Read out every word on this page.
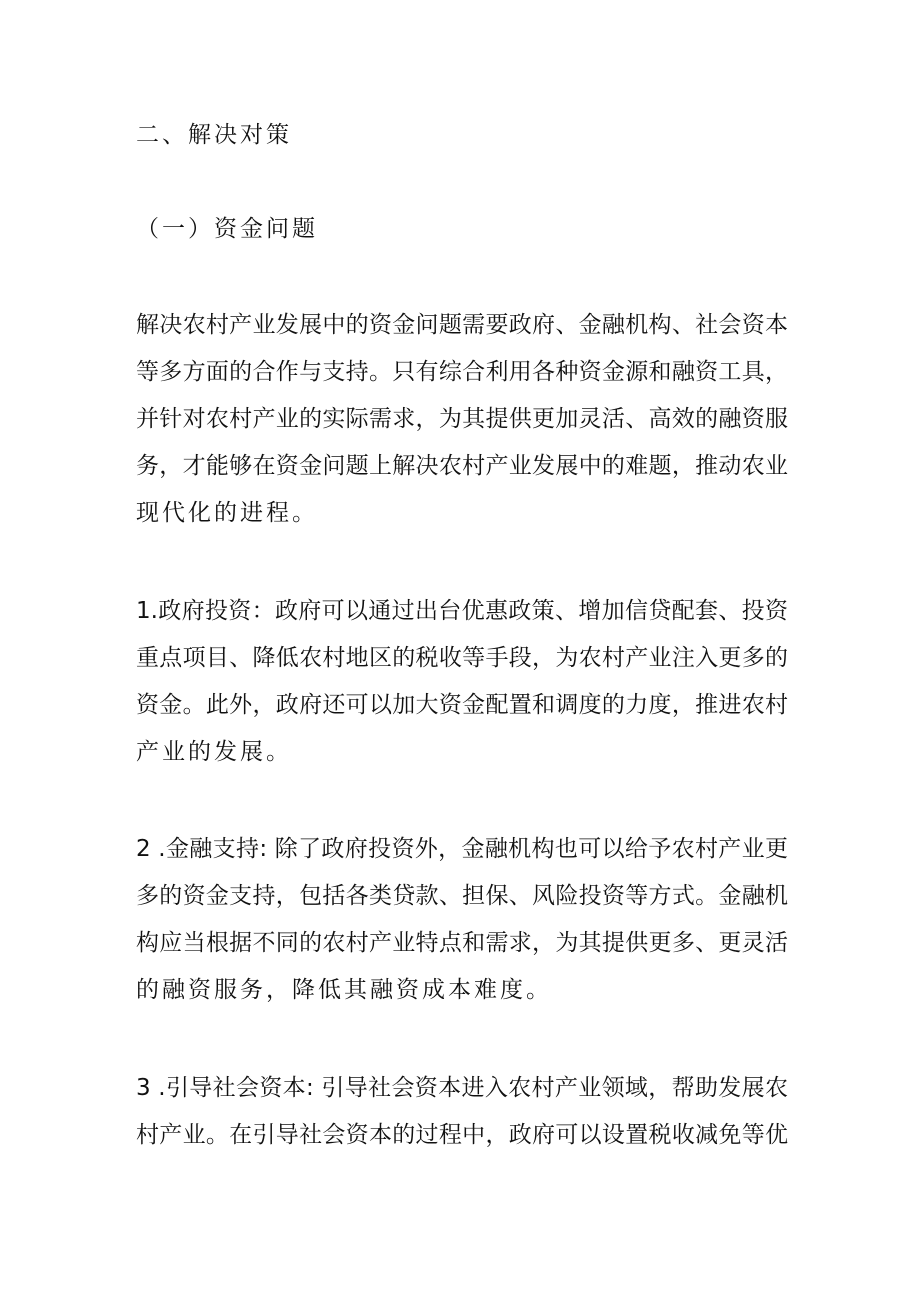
二、解决对策
（一）资金问题
解决农村产业发展中的资金问题需要政府、金融机构、社会资本
等多方面的合作与支持。只有综合利用各种资金源和融资工具，
并针对农村产业的实际需求，为其提供更加灵活、高效的融资服
务，才能够在资金问题上解决农村产业发展中的难题，推动农业
现代化的进程。
1.政府投资：政府可以通过出台优惠政策、增加信贷配套、投资
重点项目、降低农村地区的税收等手段，为农村产业注入更多的
资金。此外，政府还可以加大资金配置和调度的力度，推进农村
产业的发展。
2 .金融支持: 除了政府投资外，金融机构也可以给予农村产业更
多的资金支持，包括各类贷款、担保、风险投资等方式。金融机
构应当根据不同的农村产业特点和需求，为其提供更多、更灵活
的融资服务，降低其融资成本难度。
3 .引导社会资本: 引导社会资本进入农村产业领域，帮助发展农
村产业。在引导社会资本的过程中，政府可以设置税收减免等优
